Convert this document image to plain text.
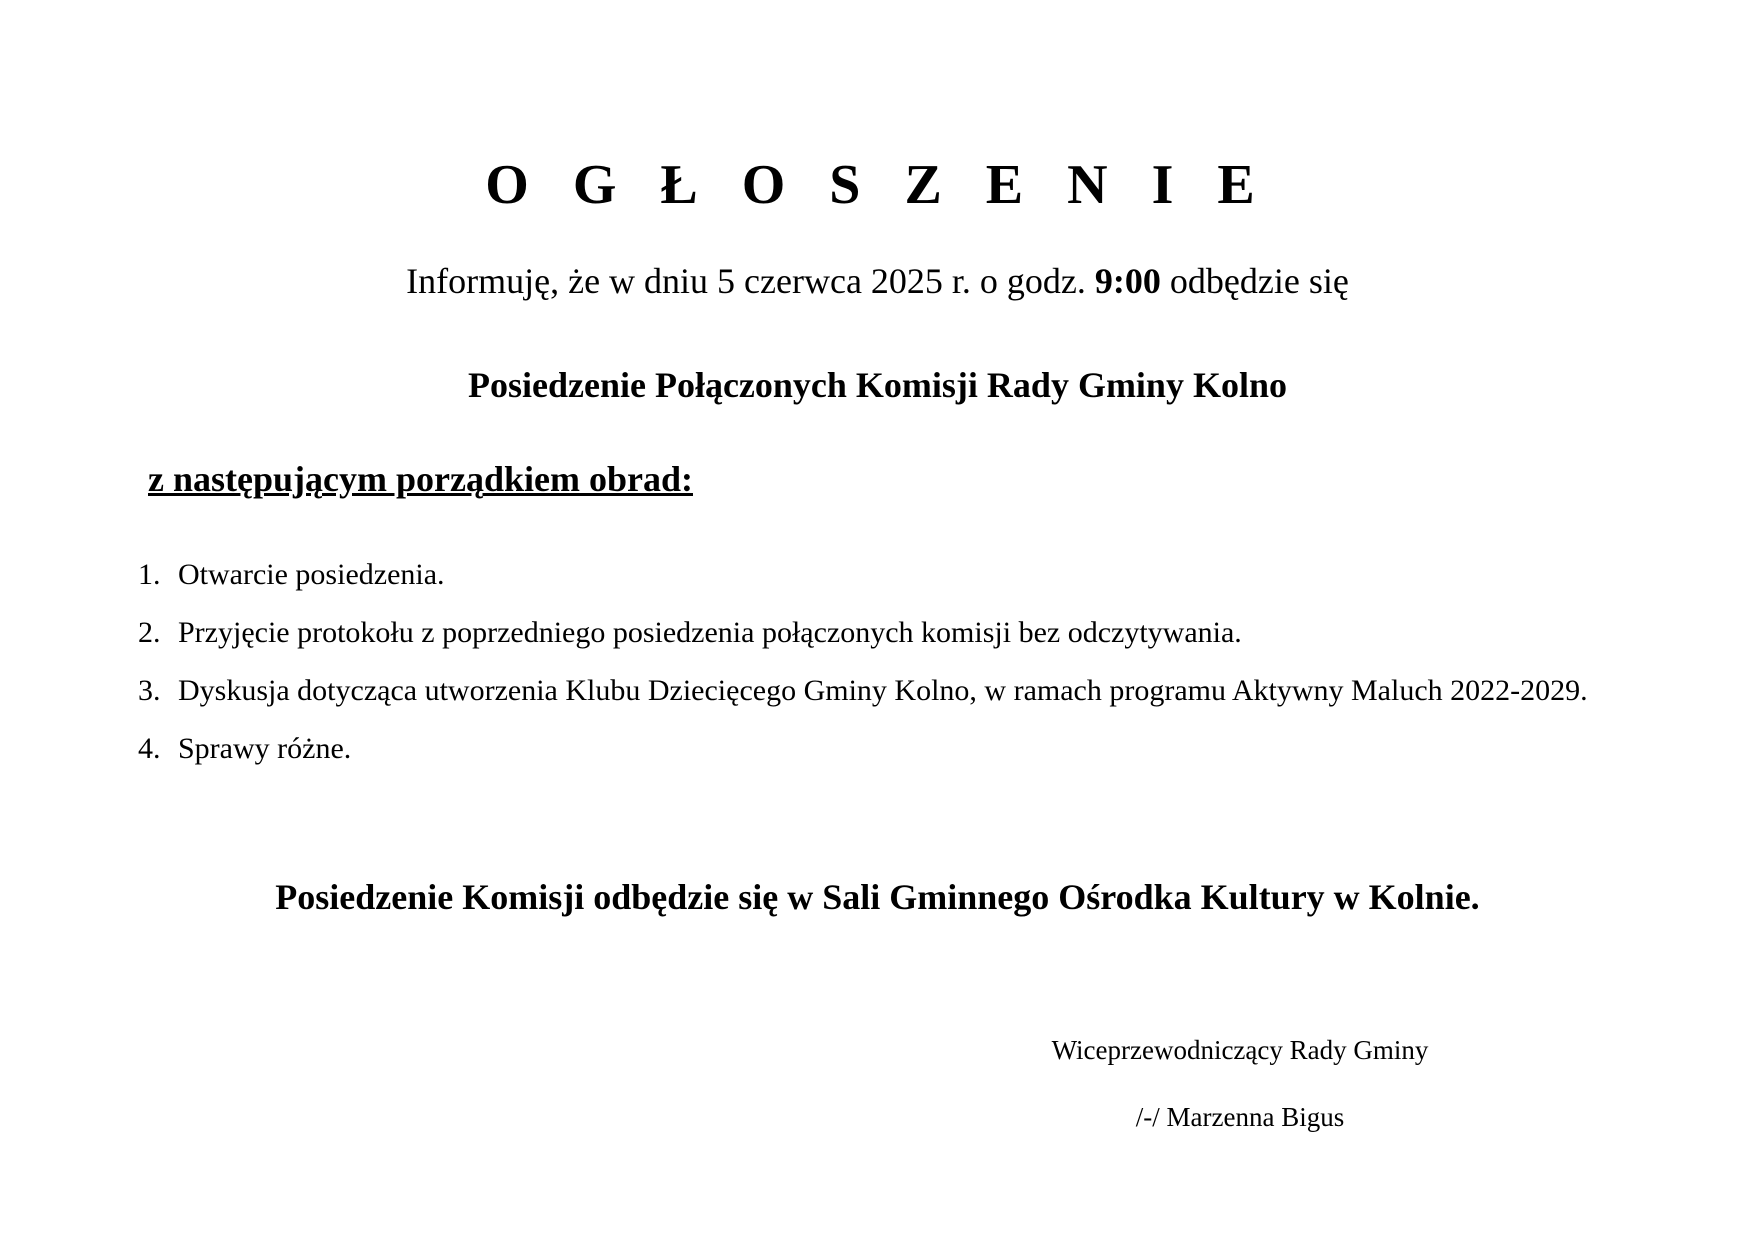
O G Ł O S Z E N I E
Informuję, że w dniu 5 czerwca 2025 r. o godz. 9:00 odbędzie się
Posiedzenie Połączonych Komisji Rady Gminy Kolno
z następującym porządkiem obrad:
1. Otwarcie posiedzenia.
2. Przyjęcie protokołu z poprzedniego posiedzenia połączonych komisji bez odczytywania.
3. Dyskusja dotycząca utworzenia Klubu Dziecięcego Gminy Kolno, w ramach programu Aktywny Maluch 2022-2029.
4. Sprawy różne.
Posiedzenie Komisji odbędzie się w Sali Gminnego Ośrodka Kultury w Kolnie.
Wiceprzewodniczący Rady Gminy
/-/ Marzenna Bigus
